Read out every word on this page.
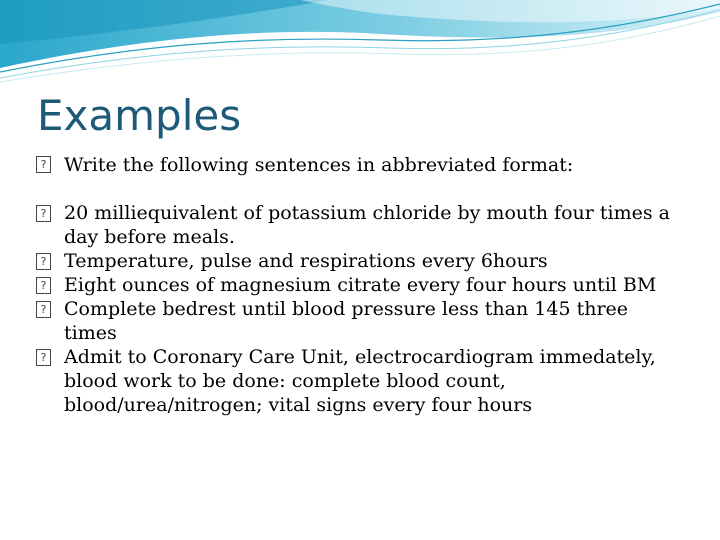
Examples
?
Write the following sentences in abbreviated format:
?
20 milliequivalent of potassium chloride by mouth four times a day before meals.
?
Temperature, pulse and respirations every 6hours
?
Eight ounces of magnesium citrate every four hours until BM
?
Complete bedrest until blood pressure less than 145 three times
?
Admit to Coronary Care Unit, electrocardiogram immedately, blood work to be done: complete blood count, blood/urea/nitrogen; vital signs every four hours
